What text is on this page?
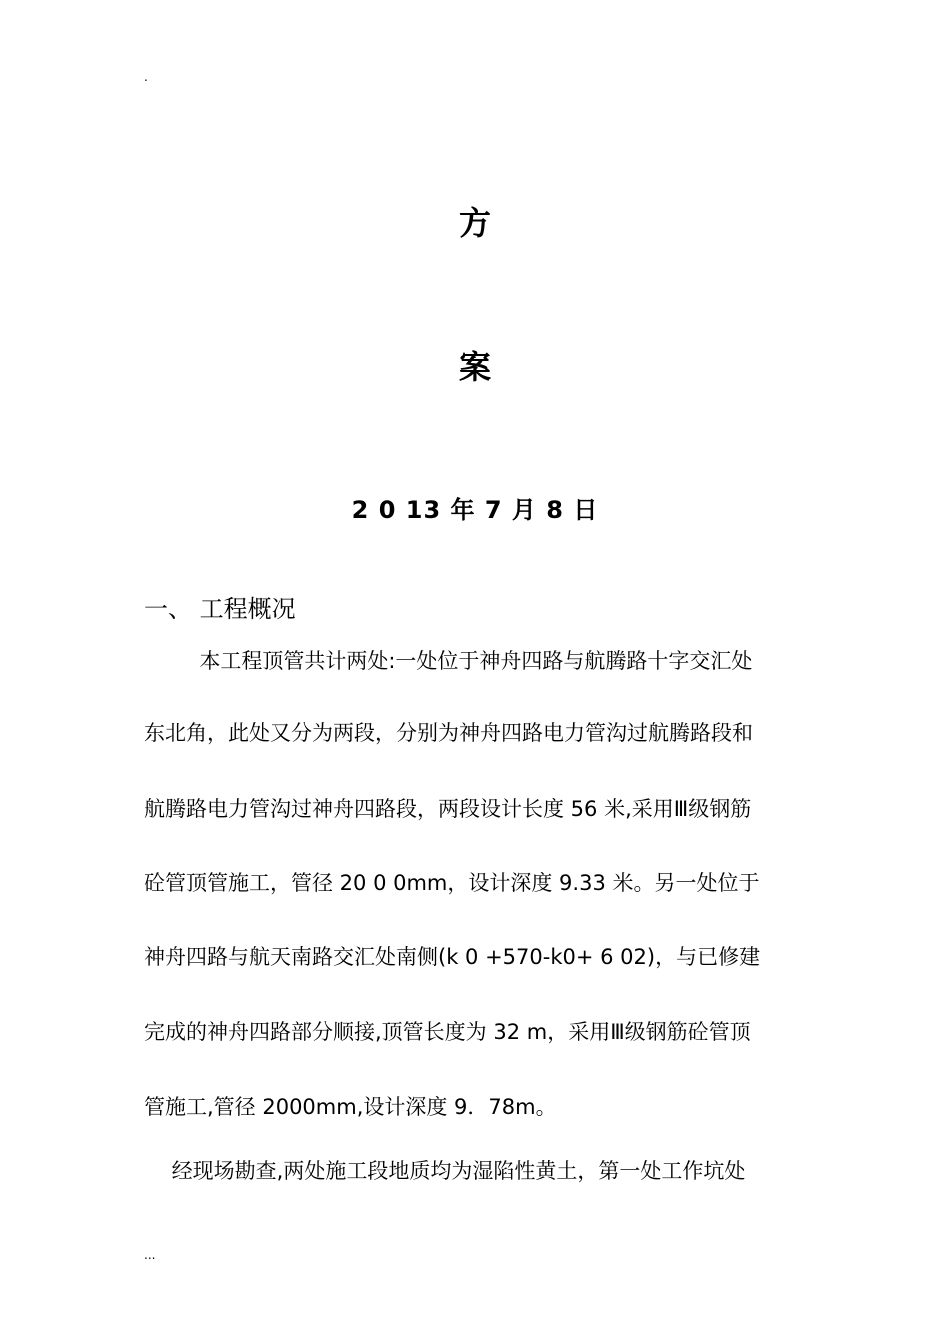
.
方
案
2 0 13 年 7 月 8 日
一、 工程概况
　 　 本工程顶管共计两处:一处位于神舟四路与航腾路十字交汇处
东北角，此处又分为两段，分别为神舟四路电力管沟过航腾路段和
航腾路电力管沟过神舟四路段，两段设计长度 56 米,采用Ⅲ级钢筋
砼管顶管施工，管径 20 0 0mm，设计深度 9.33 米。另一处位于
神舟四路与航天南路交汇处南侧(k 0 +570-k0+ 6 02)，与已修建
完成的神舟四路部分顺接,顶管长度为 32 m，采用Ⅲ级钢筋砼管顶
管施工,管径 2000mm,设计深度 9．78m。
　 经现场勘查,两处施工段地质均为湿陷性黄土，第一处工作坑处
...
